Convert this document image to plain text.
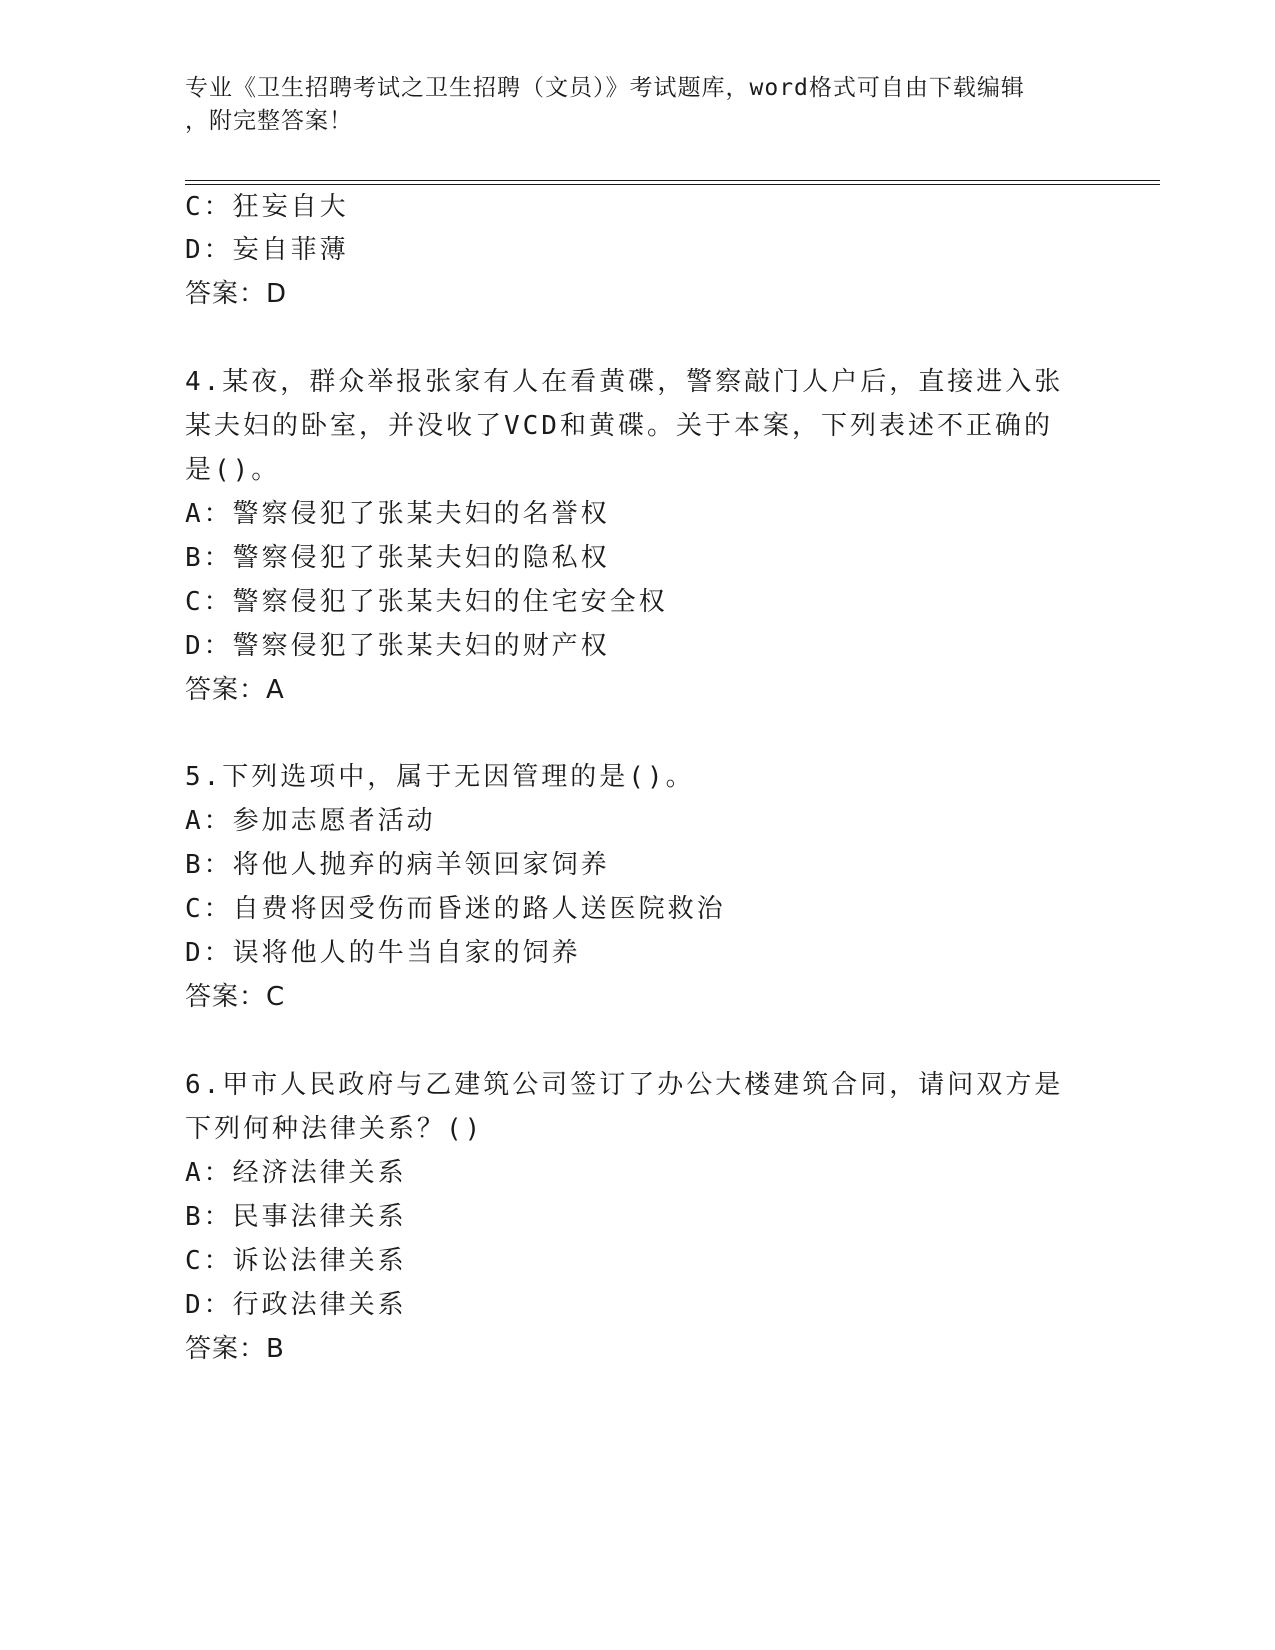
专业《卫生招聘考试之卫生招聘（文员）》考试题库，word格式可自由下载编辑
，附完整答案！
C：狂妄自大
D：妄自菲薄
答案：D
4.某夜，群众举报张家有人在看黄碟，警察敲门人户后，直接进入张
某夫妇的卧室，并没收了VCD和黄碟。关于本案，下列表述不正确的
是()。
A：警察侵犯了张某夫妇的名誉权
B：警察侵犯了张某夫妇的隐私权
C：警察侵犯了张某夫妇的住宅安全权
D：警察侵犯了张某夫妇的财产权
答案：A
5.下列选项中，属于无因管理的是()。
A：参加志愿者活动
B：将他人抛弃的病羊领回家饲养
C：自费将因受伤而昏迷的路人送医院救治
D：误将他人的牛当自家的饲养
答案：C
6.甲市人民政府与乙建筑公司签订了办公大楼建筑合同，请问双方是
下列何种法律关系？()
A：经济法律关系
B：民事法律关系
C：诉讼法律关系
D：行政法律关系
答案：B
